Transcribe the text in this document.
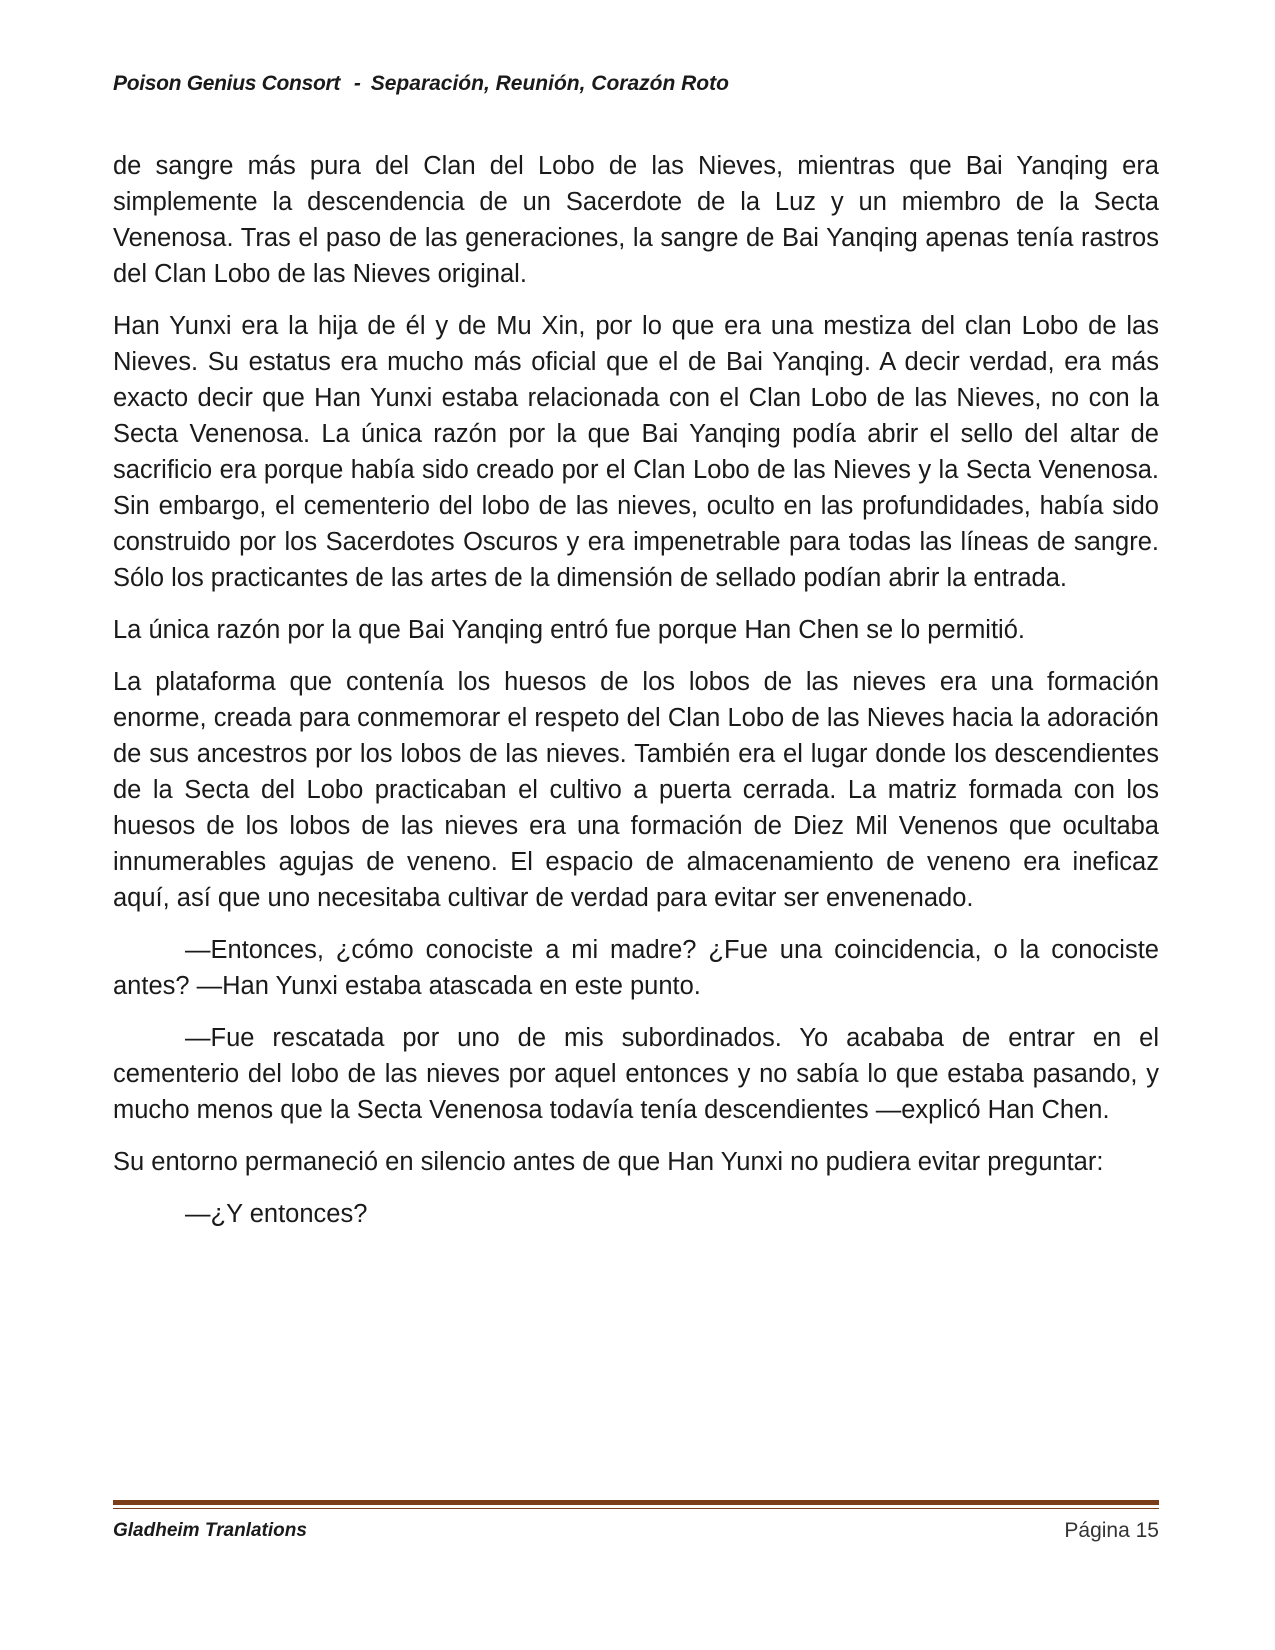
Poison Genius Consort - Separación, Reunión, Corazón Roto

de sangre más pura del Clan del Lobo de las Nieves, mientras que Bai Yanqing era simplemente la descendencia de un Sacerdote de la Luz y un miembro de la Secta Venenosa. Tras el paso de las generaciones, la sangre de Bai Yanqing apenas tenía rastros del Clan Lobo de las Nieves original.

Han Yunxi era la hija de él y de Mu Xin, por lo que era una mestiza del clan Lobo de las Nieves. Su estatus era mucho más oficial que el de Bai Yanqing. A decir verdad, era más exacto decir que Han Yunxi estaba relacionada con el Clan Lobo de las Nieves, no con la Secta Venenosa. La única razón por la que Bai Yanqing podía abrir el sello del altar de sacrificio era porque había sido creado por el Clan Lobo de las Nieves y la Secta Venenosa. Sin embargo, el cementerio del lobo de las nieves, oculto en las profundidades, había sido construido por los Sacerdotes Oscuros y era impenetrable para todas las líneas de sangre. Sólo los practicantes de las artes de la dimensión de sellado podían abrir la entrada.

La única razón por la que Bai Yanqing entró fue porque Han Chen se lo permitió.

La plataforma que contenía los huesos de los lobos de las nieves era una formación enorme, creada para conmemorar el respeto del Clan Lobo de las Nieves hacia la adoración de sus ancestros por los lobos de las nieves. También era el lugar donde los descendientes de la Secta del Lobo practicaban el cultivo a puerta cerrada. La matriz formada con los huesos de los lobos de las nieves era una formación de Diez Mil Venenos que ocultaba innumerables agujas de veneno. El espacio de almacenamiento de veneno era ineficaz aquí, así que uno necesitaba cultivar de verdad para evitar ser envenenado.

—Entonces, ¿cómo conociste a mi madre? ¿Fue una coincidencia, o la conociste antes? —Han Yunxi estaba atascada en este punto.

—Fue rescatada por uno de mis subordinados. Yo acababa de entrar en el cementerio del lobo de las nieves por aquel entonces y no sabía lo que estaba pasando, y mucho menos que la Secta Venenosa todavía tenía descendientes —explicó Han Chen.

Su entorno permaneció en silencio antes de que Han Yunxi no pudiera evitar preguntar:

—¿Y entonces?

Gladheim Tranlations	Página 15
